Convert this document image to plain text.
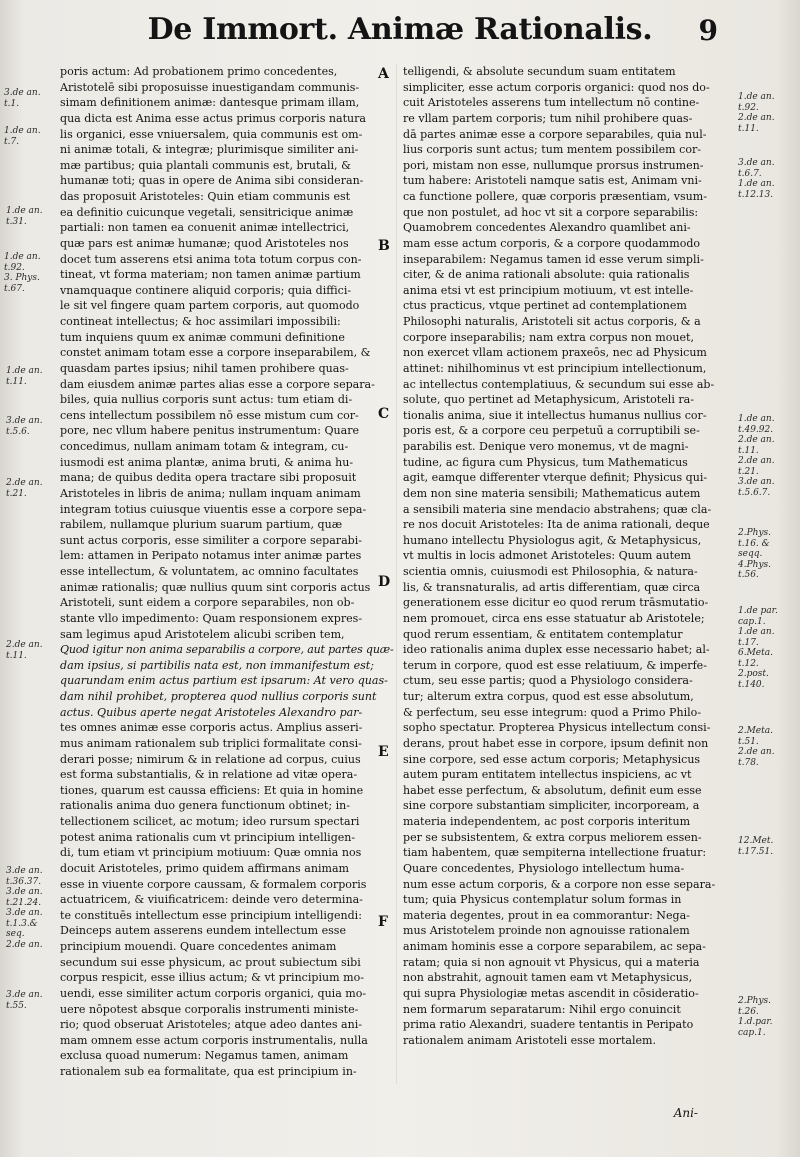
De Immort. Animæ Rationalis.	9
poris actum: Ad probationem primo concedentes,
Aristotelē sibi proposuisse inuestigandam communis-
simam definitionem animæ: dantesque primam illam,
qua dicta est Anima esse actus primus corporis natura
lis organici, esse vniuersalem, quia communis est om-
ni animæ totali, & integræ; plurimisque similiter ani-
mæ partibus; quia plantali communis est, brutali, &
humanæ toti; quas in opere de Anima sibi consideran-
das proposuit Aristoteles: Quin etiam communis est
ea definitio cuicunque vegetali, sensitricique animæ
partiali: non tamen ea conuenit animæ intellectrici,
quæ pars est animæ humanæ; quod Aristoteles nos
docet tum asserens etsi anima tota totum corpus con-
tineat, vt forma materiam; non tamen animæ partium
vnamquaque continere aliquid corporis; quia diffici-
le sit vel fingere quam partem corporis, aut quomodo
contineat intellectus; & hoc assimilari impossibili:
tum inquiens quum ex animæ communi definitione
constet animam totam esse a corpore inseparabilem, &
quasdam partes ipsius; nihil tamen prohibere quas-
dam eiusdem animæ partes alias esse a corpore separa-
biles, quia nullius corporis sunt actus: tum etiam di-
cens intellectum possibilem nō esse mistum cum cor-
pore, nec vllum habere penitus instrumentum: Quare
concedimus, nullam animam totam & integram, cu-
iusmodi est anima plantæ, anima bruti, & anima hu-
mana; de quibus dedita opera tractare sibi proposuit
Aristoteles in libris de anima; nullam inquam animam
integram totius cuiusque viuentis esse a corpore sepa-
rabilem, nullamque plurium suarum partium, quæ
sunt actus corporis, esse similiter a corpore separabi-
lem: attamen in Peripato notamus inter animæ partes
esse intellectum, & voluntatem, ac omnino facultates
animæ rationalis; quæ nullius quum sint corporis actus
Aristoteli, sunt eidem a corpore separabiles, non ob-
stante vllo impedimento: Quam responsionem expres-
sam legimus apud Aristotelem alicubi scriben tem,
Quod igitur non anima separabilis a corpore, aut partes quæ-
dam ipsius, si partibilis nata est, non immanifestum est;
quarundam enim actus partium est ipsarum: At vero quas-
dam nihil prohibet, propterea quod nullius corporis sunt
actus. Quibus aperte negat Aristoteles Alexandro par-
tes omnes animæ esse corporis actus. Amplius asseri-
mus animam rationalem sub triplici formalitate consi-
derari posse; nimirum & in relatione ad corpus, cuius
est forma substantialis, & in relatione ad vitæ opera-
tiones, quarum est caussa efficiens: Et quia in homine
rationalis anima duo genera functionum obtinet; in-
tellectionem scilicet, ac motum; ideo rursum spectari
potest anima rationalis cum vt principium intelligen-
di, tum etiam vt principium motiuum: Quæ omnia nos
docuit Aristoteles, primo quidem affirmans animam
esse in viuente corpore caussam, & formalem corporis
actuatricem, & viuificatricem: deinde vero determina-
te constituēs intellectum esse principium intelligendi:
Deinceps autem asserens eundem intellectum esse
principium mouendi. Quare concedentes animam
secundum sui esse physicum, ac prout subiectum sibi
corpus respicit, esse illius actum; & vt principium mo-
uendi, esse similiter actum corporis organici, quia mo-
uere nōpotest absque corporalis instrumenti ministe-
rio; quod obseruat Aristoteles; atque adeo dantes ani-
mam omnem esse actum corporis instrumentalis, nulla
exclusa quoad numerum: Negamus tamen, animam
rationalem sub ea formalitate, qua est principium in-
telligendi, & absolute secundum suam entitatem
simpliciter, esse actum corporis organici: quod nos do-
cuit Aristoteles asserens tum intellectum nō contine-
re vllam partem corporis; tum nihil prohibere quas-
dā partes animæ esse a corpore separabiles, quia nul-
lius corporis sunt actus; tum mentem possibilem cor-
pori, mistam non esse, nullumque prorsus instrumen-
tum habere: Aristoteli namque satis est, Animam vni-
ca functione pollere, quæ corporis præsentiam, vsum-
que non postulet, ad hoc vt sit a corpore separabilis:
Quamobrem concedentes Alexandro quamlibet ani-
mam esse actum corporis, & a corpore quodammodo
inseparabilem: Negamus tamen id esse verum simpli-
citer, & de anima rationali absolute: quia rationalis
anima etsi vt est principium motiuum, vt est intelle-
ctus practicus, vtque pertinet ad contemplationem
Philosophi naturalis, Aristoteli sit actus corporis, & a
corpore inseparabilis; nam extra corpus non mouet,
non exercet vllam actionem praxeōs, nec ad Physicum
attinet: nihilhominus vt est principium intellectionum,
ac intellectus contemplatiuus, & secundum sui esse ab-
solute, quo pertinet ad Metaphysicum, Aristoteli ra-
tionalis anima, siue it intellectus humanus nullius cor-
poris est, & a corpore ceu perpetuū a corruptibili se-
parabilis est. Denique vero monemus, vt de magni-
tudine, ac figura cum Physicus, tum Mathematicus
agit, eamque differenter vterque definit; Physicus qui-
dem non sine materia sensibili; Mathematicus autem
a sensibili materia sine mendacio abstrahens; quæ cla-
re nos docuit Aristoteles: Ita de anima rationali, deque
humano intellectu Physiologus agit, & Metaphysicus,
vt multis in locis admonet Aristoteles: Quum autem
scientia omnis, cuiusmodi est Philosophia, & natura-
lis, & transnaturalis, ad artis differentiam, quæ circa
generationem esse dicitur eo quod rerum trāsmutatio-
nem promouet, circa ens esse statuatur ab Aristotele;
quod rerum essentiam, & entitatem contemplatur
ideo rationalis anima duplex esse necessario habet; al-
terum in corpore, quod est esse relatiuum, & imperfe-
ctum, seu esse partis; quod a Physiologo considera-
tur; alterum extra corpus, quod est esse absolutum,
& perfectum, seu esse integrum: quod a Primo Philo-
sopho spectatur. Propterea Physicus intellectum consi-
derans, prout habet esse in corpore, ipsum definit non
sine corpore, sed esse actum corporis; Metaphysicus
autem puram entitatem intellectus inspiciens, ac vt
habet esse perfectum, & absolutum, definit eum esse
sine corpore substantiam simpliciter, incorpoream, a
materia independentem, ac post corporis interitum
per se subsistentem, & extra corpus meliorem essen-
tiam habentem, quæ sempiterna intellectione fruatur:
Quare concedentes, Physiologo intellectum huma-
num esse actum corporis, & a corpore non esse separa-
tum; quia Physicus contemplatur solum formas in
materia degentes, prout in ea commorantur: Nega-
mus Aristotelem proinde non agnouisse rationalem
animam hominis esse a corpore separabilem, ac sepa-
ratam; quia si non agnouit vt Physicus, qui a materia
non abstrahit, agnouit tamen eam vt Metaphysicus,
qui supra Physiologiæ metas ascendit in cōsideratio-
nem formarum separatarum: Nihil ergo conuincit
prima ratio Alexandri, suadere tentantis in Peripato
rationalem animam Aristoteli esse mortalem.
3.de an.
t.1.
1.de an.
t.7.
1.de an.
t.31.
1.de an.
t.92.
3. Phys.
t.67.
1.de an.
t.11.
3.de an.
t.5.6.
2.de an.
t.21.
2.de an.
t.11.
3.de an.
t.36.37.
3.de an.
t.21.24.
3.de an.
t.1.3.&
seq.
2.de an.
3.de an.
t.55.
1.de an.
t.92.
2.de an.
t.11.
3.de an.
t.6.7.
1.de an.
t.12.13.
1.de an.
t.49.92.
2.de an.
t.11.
2.de an.
t.21.
3.de an.
t.5.6.7.
2.Phys.
t.16. &
seqq.
4.Phys.
t.56.
1.de par.
cap.1.
1.de an.
t.17.
6.Meta.
t.12.
2.post.
t.140.
2.Meta.
t.51.
2.de an.
t.78.
12.Met.
t.17.51.
2.Phys.
t.26.
1.d.par.
cap.1.
A
B
C
D
E
F
Ani-
